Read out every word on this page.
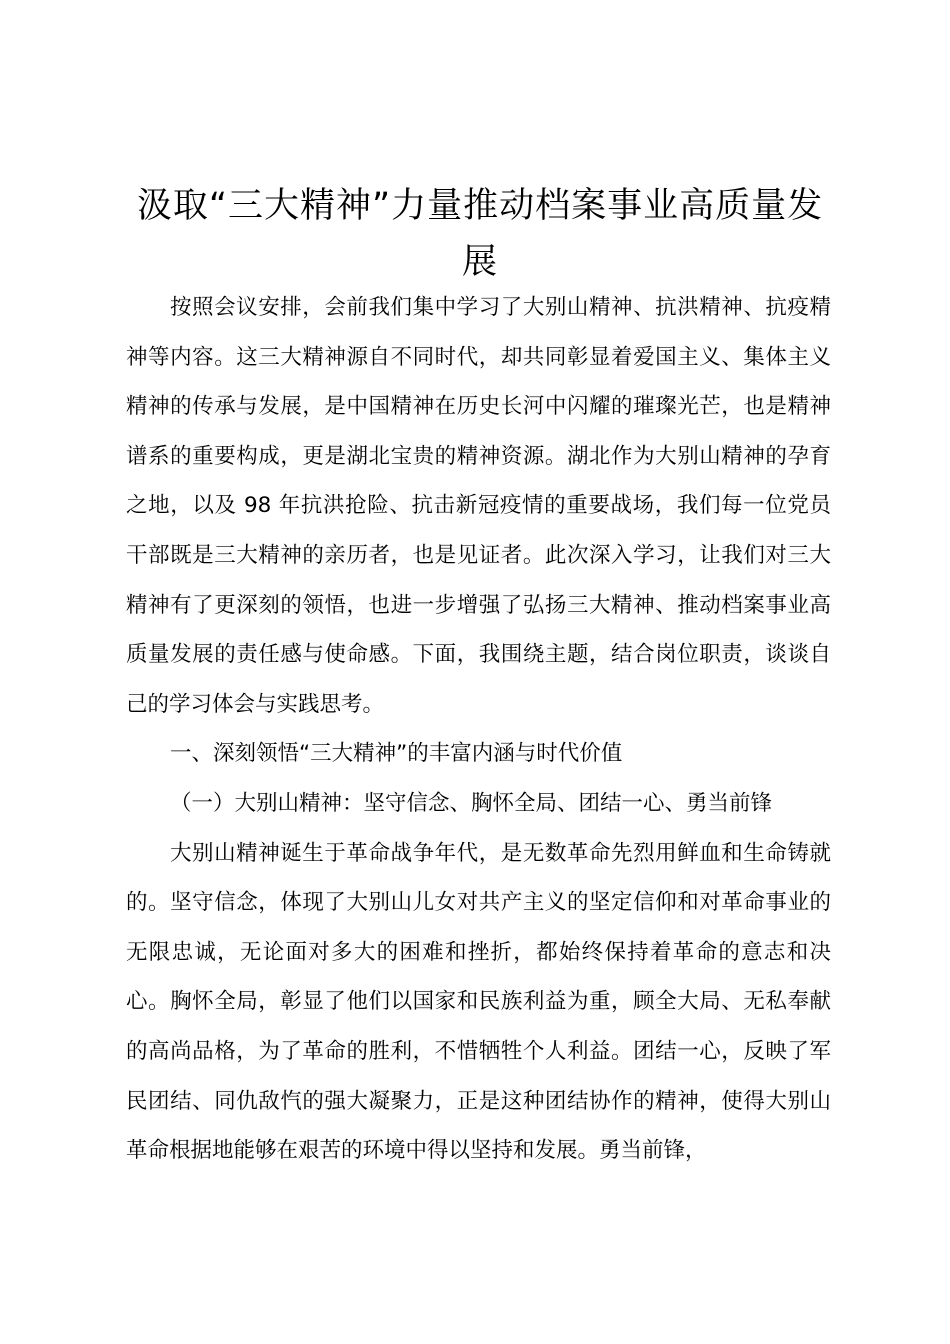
汲取“三大精神”力量推动档案事业高质量发展

按照会议安排，会前我们集中学习了大别山精神、抗洪精神、抗疫精神等内容。这三大精神源自不同时代，却共同彰显着爱国主义、集体主义精神的传承与发展，是中国精神在历史长河中闪耀的璀璨光芒，也是精神谱系的重要构成，更是湖北宝贵的精神资源。湖北作为大别山精神的孕育之地，以及 98 年抗洪抢险、抗击新冠疫情的重要战场，我们每一位党员干部既是三大精神的亲历者，也是见证者。此次深入学习，让我们对三大精神有了更深刻的领悟，也进一步增强了弘扬三大精神、推动档案事业高质量发展的责任感与使命感。下面，我围绕主题，结合岗位职责，谈谈自己的学习体会与实践思考。

一、深刻领悟“三大精神”的丰富内涵与时代价值

（一）大别山精神：坚守信念、胸怀全局、团结一心、勇当前锋

大别山精神诞生于革命战争年代，是无数革命先烈用鲜血和生命铸就的。坚守信念，体现了大别山儿女对共产主义的坚定信仰和对革命事业的无限忠诚，无论面对多大的困难和挫折，都始终保持着革命的意志和决心。胸怀全局，彰显了他们以国家和民族利益为重，顾全大局、无私奉献的高尚品格，为了革命的胜利，不惜牺牲个人利益。团结一心，反映了军民团结、同仇敌忾的强大凝聚力，正是这种团结协作的精神，使得大别山革命根据地能够在艰苦的环境中得以坚持和发展。勇当前锋，
